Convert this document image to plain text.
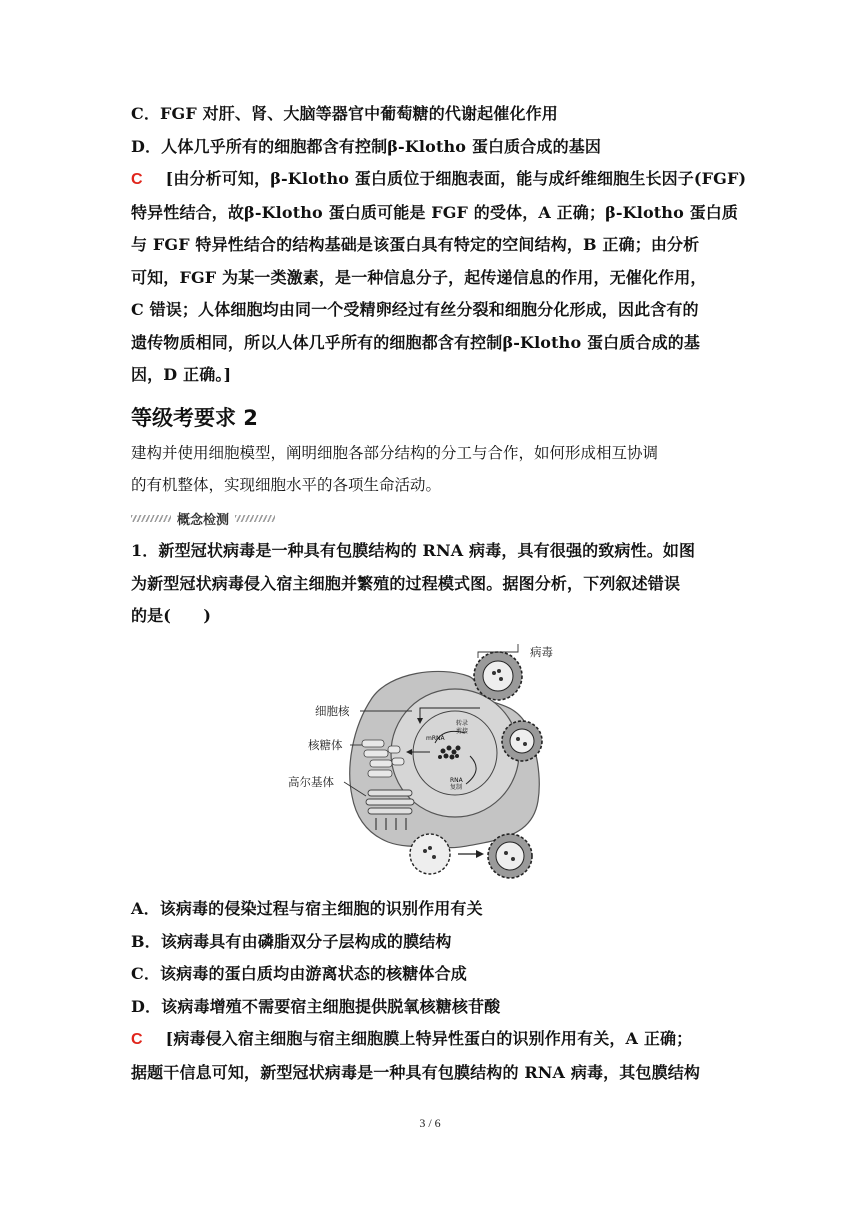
C．FGF 对肝、肾、大脑等器官中葡萄糖的代谢起催化作用
D．人体几乎所有的细胞都含有控制β-Klotho 蛋白质合成的基因
C [由分析可知，β-Klotho 蛋白质位于细胞表面，能与成纤维细胞生长因子(FGF)
特异性结合，故β-Klotho 蛋白质可能是 FGF 的受体，A 正确；β-Klotho 蛋白质
与 FGF 特异性结合的结构基础是该蛋白具有特定的空间结构，B 正确；由分析
可知，FGF 为某一类激素，是一种信息分子，起传递信息的作用，无催化作用，
C 错误；人体细胞均由同一个受精卵经过有丝分裂和细胞分化形成，因此含有的
遗传物质相同，所以人体几乎所有的细胞都含有控制β-Klotho 蛋白质合成的基
因，D 正确。]
等级考要求 2
建构并使用细胞模型，阐明细胞各部分结构的分工与合作，如何形成相互协调
的有机整体，实现细胞水平的各项生命活动。
概念检测
1．新型冠状病毒是一种具有包膜结构的 RNA 病毒，具有很强的致病性。如图
为新型冠状病毒侵入宿主细胞并繁殖的过程模式图。据图分析，下列叙述错误
的是(　　)
转录
剪接
mRNA
RNA
复制
病毒
细胞核
核糖体
高尔基体
A．该病毒的侵染过程与宿主细胞的识别作用有关
B．该病毒具有由磷脂双分子层构成的膜结构
C．该病毒的蛋白质均由游离状态的核糖体合成
D．该病毒增殖不需要宿主细胞提供脱氧核糖核苷酸
C [病毒侵入宿主细胞与宿主细胞膜上特异性蛋白的识别作用有关，A 正确；
据题干信息可知，新型冠状病毒是一种具有包膜结构的 RNA 病毒，其包膜结构
3 / 6
